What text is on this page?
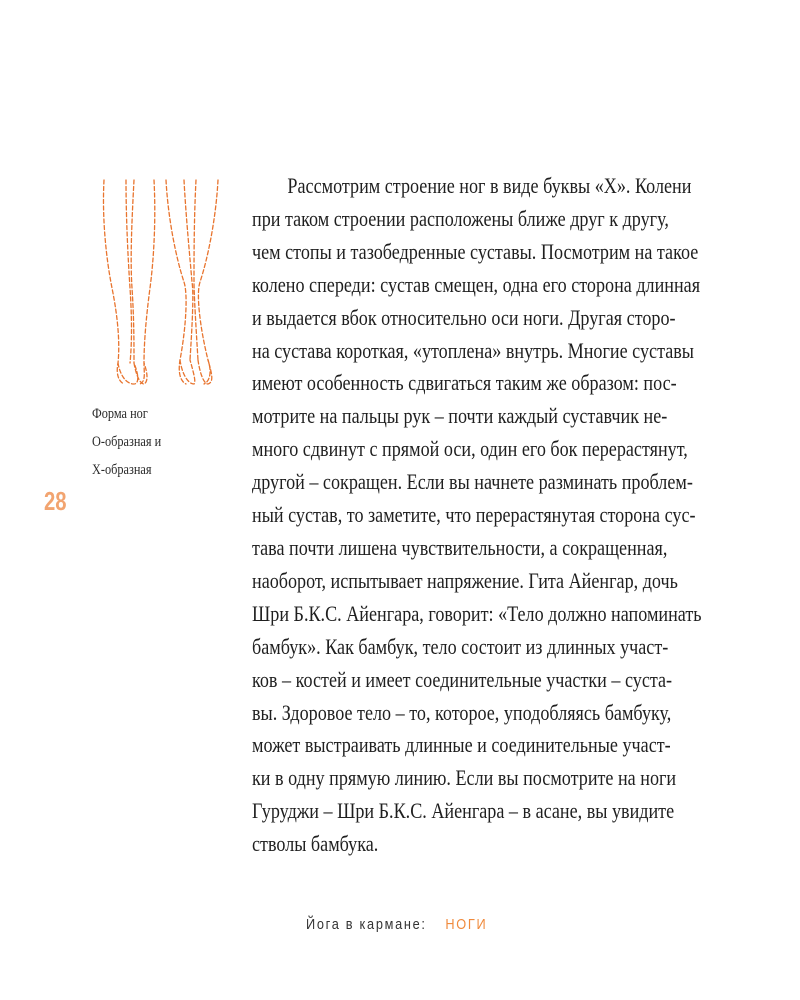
Форма ног
О-образная и
Х-образная
28
Рассмотрим строение ног в виде буквы «Х». Колени
при таком строении расположены ближе друг к другу,
чем стопы и тазобедренные суставы. Посмотрим на такое
колено спереди: сустав смещен, одна его сторона длинная
и выдается вбок относительно оси ноги. Другая сторо-
на сустава короткая, «утоплена» внутрь. Многие суставы
имеют особенность сдвигаться таким же образом: пос-
мотрите на пальцы рук – почти каждый суставчик не-
много сдвинут с прямой оси, один его бок перерастянут,
другой – сокращен. Если вы начнете разминать проблем-
ный сустав, то заметите, что перерастянутая сторона сус-
тава почти лишена чувствительности, а сокращенная,
наоборот, испытывает напряжение. Гита Айенгар, дочь
Шри Б.К.С. Айенгара, говорит: «Тело должно напоминать
бамбук». Как бамбук, тело состоит из длинных участ-
ков – костей и имеет соединительные участки – суста-
вы. Здоровое тело – то, которое, уподобляясь бамбуку,
может выстраивать длинные и соединительные участ-
ки в одну прямую линию. Если вы посмотрите на ноги
Гуруджи – Шри Б.К.С. Айенгара – в асане, вы увидите
стволы бамбука.
Йога в кармане: НОГИ
